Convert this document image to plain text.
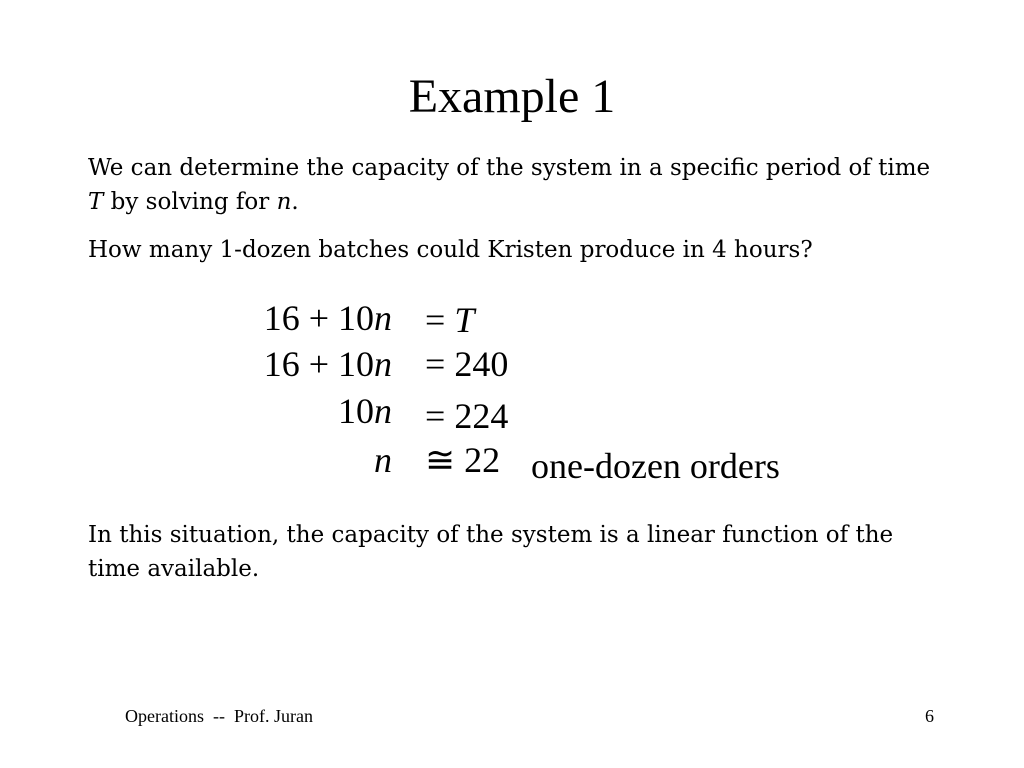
Example 1

We can determine the capacity of the system in a specific period of time T by solving for n.

How many 1-dozen batches could Kristen produce in 4 hours?

16 + 10n = T
16 + 10n = 240
10n = 224
n ≅ 22 one-dozen orders

In this situation, the capacity of the system is a linear function of the time available.

Operations  --  Prof. Juran	6
